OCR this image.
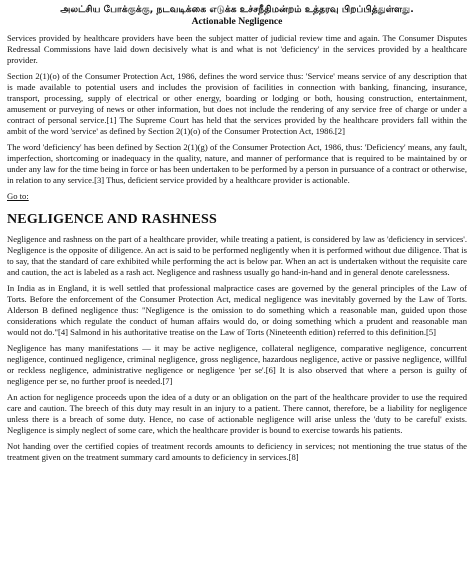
அலட்சிய போக்குக்கு, நடவடிக்கை எடுக்க உச்சநீதிமன்றம் உத்தரவு பிறப்பித்துள்ளது.
Actionable Negligence

Services provided by healthcare providers have been the subject matter of judicial review time and again. The Consumer Disputes Redressal Commissions have laid down decisively what is and what is not 'deficiency' in the services provided by a healthcare provider.

Section 2(1)(o) of the Consumer Protection Act, 1986, defines the word service thus: 'Service' means service of any description that is made available to potential users and includes the provision of facilities in connection with banking, financing, insurance, transport, processing, supply of electrical or other energy, boarding or lodging or both, housing construction, entertainment, amusement or purveying of news or other information, but does not include the rendering of any service free of charge or under a contract of personal service.[1] The Supreme Court has held that the services provided by the healthcare providers fall within the ambit of the word 'service' as defined by Section 2(1)(o) of the Consumer Protection Act, 1986.[2]

The word 'deficiency' has been defined by Section 2(1)(g) of the Consumer Protection Act, 1986, thus: 'Deficiency' means, any fault, imperfection, shortcoming or inadequacy in the quality, nature, and manner of performance that is required to be maintained by or under any law for the time being in force or has been undertaken to be performed by a person in pursuance of a contract or otherwise, in relation to any service.[3] Thus, deficient service provided by a healthcare provider is actionable.

Go to:
NEGLIGENCE AND RASHNESS

Negligence and rashness on the part of a healthcare provider, while treating a patient, is considered by law as 'deficiency in services'. Negligence is the opposite of diligence. An act is said to be performed negligently when it is performed without due diligence. That is to say, that the standard of care exhibited while performing the act is below par. When an act is undertaken without the requisite care and caution, the act is labeled as a rash act. Negligence and rashness usually go hand-in-hand and in general denote carelessness.

In India as in England, it is well settled that professional malpractice cases are governed by the general principles of the Law of Torts. Before the enforcement of the Consumer Protection Act, medical negligence was inevitably governed by the Law of Torts. Alderson B defined negligence thus: "Negligence is the omission to do something which a reasonable man, guided upon those considerations which regulate the conduct of human affairs would do, or doing something which a prudent and reasonable man would not do."[4] Salmond in his authoritative treatise on the Law of Torts (Nineteenth edition) referred to this definition.[5]

Negligence has many manifestations — it may be active negligence, collateral negligence, comparative negligence, concurrent negligence, continued negligence, criminal negligence, gross negligence, hazardous negligence, active or passive negligence, willful or reckless negligence, administrative negligence or negligence 'per se'.[6] It is also observed that where a person is guilty of negligence per se, no further proof is needed.[7]

An action for negligence proceeds upon the idea of a duty or an obligation on the part of the healthcare provider to use the required care and caution. The breech of this duty may result in an injury to a patient. There cannot, therefore, be a liability for negligence unless there is a breach of some duty. Hence, no case of actionable negligence will arise unless the 'duty to be careful' exists. Negligence is simply neglect of some care, which the healthcare provider is bound to exercise towards his patients.

Not handing over the certified copies of treatment records amounts to deficiency in services; not mentioning the true status of the treatment given on the treatment summary card amounts to deficiency in services.[8]
